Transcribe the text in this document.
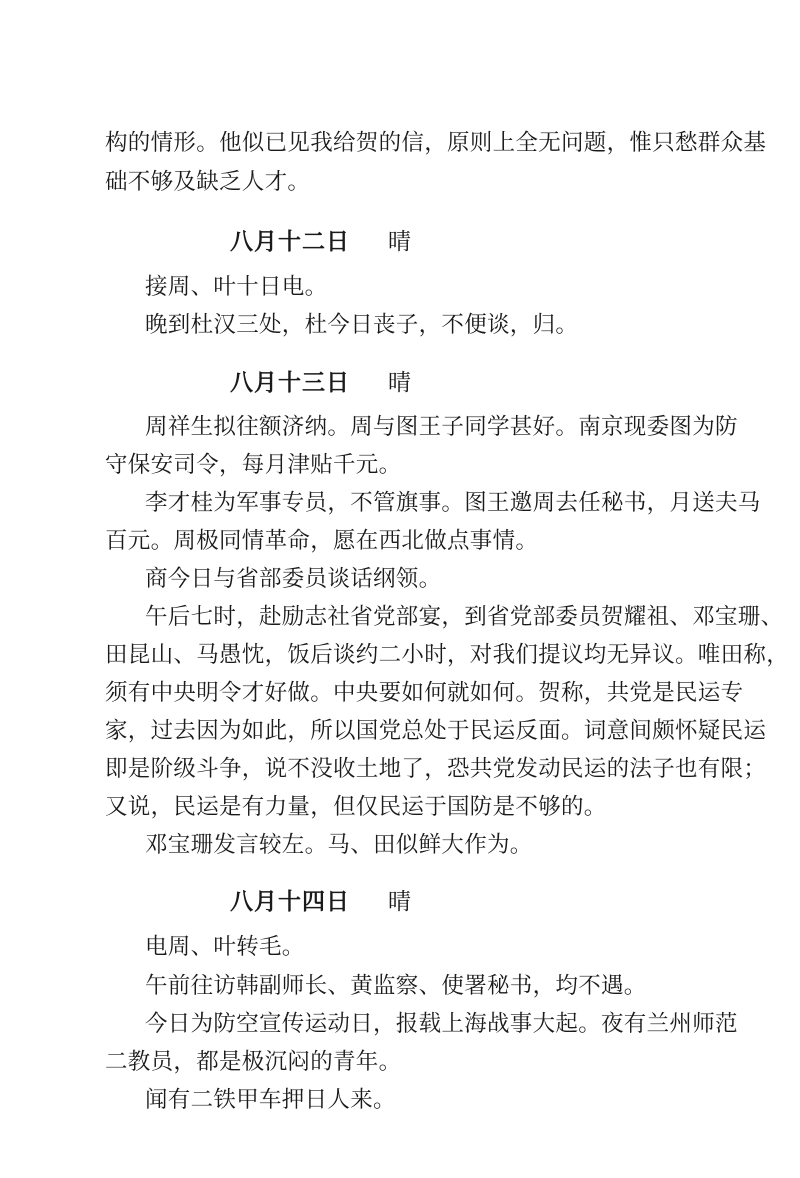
构的情形。他似已见我给贺的信，原则上全无问题，惟只愁群众基
础不够及缺乏人才。
八月十二日 晴
接周、叶十日电。
晚到杜汉三处，杜今日丧子，不便谈，归。
八月十三日 晴
周祥生拟往额济纳。周与图王子同学甚好。南京现委图为防
守保安司令，每月津贴千元。
李才桂为军事专员，不管旗事。图王邀周去任秘书，月送夫马
百元。周极同情革命，愿在西北做点事情。
商今日与省部委员谈话纲领。
午后七时，赴励志社省党部宴，到省党部委员贺耀祖、邓宝珊、
田昆山、马愚忱，饭后谈约二小时，对我们提议均无异议。唯田称，
须有中央明令才好做。中央要如何就如何。贺称，共党是民运专
家，过去因为如此，所以国党总处于民运反面。词意间颇怀疑民运
即是阶级斗争，说不没收土地了，恐共党发动民运的法子也有限；
又说，民运是有力量，但仅民运于国防是不够的。
邓宝珊发言较左。马、田似鲜大作为。
八月十四日 晴
电周、叶转毛。
午前往访韩副师长、黄监察、使署秘书，均不遇。
今日为防空宣传运动日，报载上海战事大起。夜有兰州师范
二教员，都是极沉闷的青年。
闻有二铁甲车押日人来。
